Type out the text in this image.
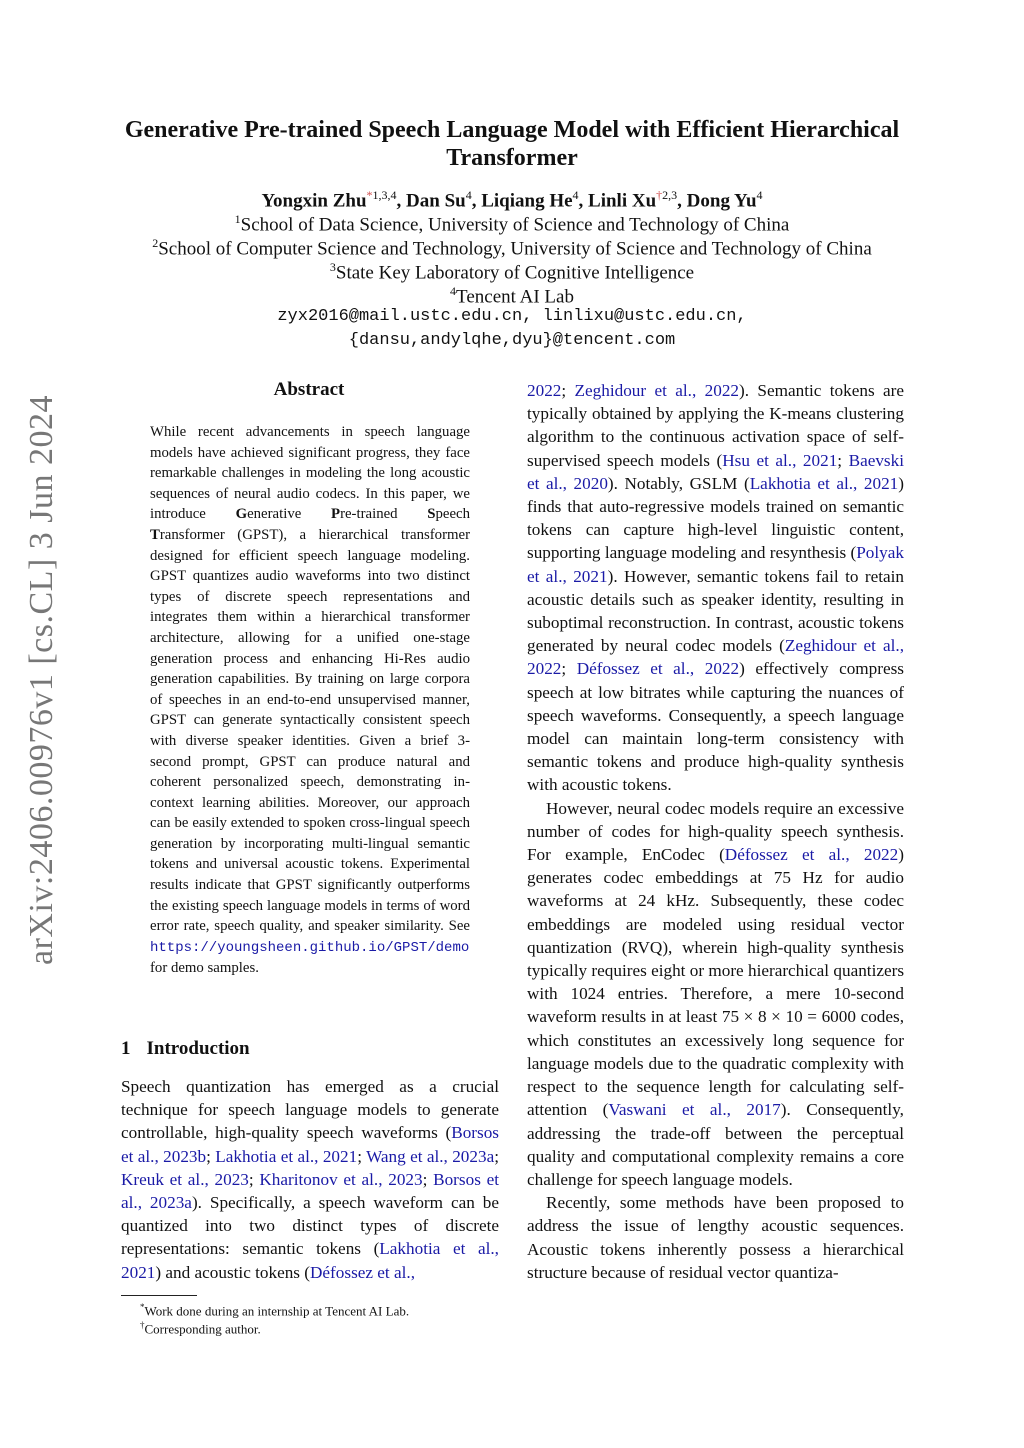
arXiv:2406.00976v1 [cs.CL] 3 Jun 2024
Generative Pre-trained Speech Language Model with Efficient Hierarchical
Transformer
Yongxin Zhu$^{*1,3,4}$, Dan Su$^4$, Liqiang He$^4$, Linli Xu$^{\dagger 2,3}$, Dong Yu$^4$
$^1$School of Data Science, University of Science and Technology of China
$^2$School of Computer Science and Technology, University of Science and Technology of China
$^3$State Key Laboratory of Cognitive Intelligence
$^4$Tencent AI Lab
zyx2016@mail.ustc.edu.cn, linlixu@ustc.edu.cn,
{dansu,andylqhe,dyu}@tencent.com
Abstract
While recent advancements in speech language models have achieved significant progress, they face remarkable challenges in modeling the long acoustic sequences of neural audio codecs. In this paper, we introduce Generative Pre-trained Speech Transformer (GPST), a hierarchical transformer designed for efficient speech language modeling. GPST quantizes audio waveforms into two distinct types of discrete speech representations and integrates them within a hierarchical transformer architecture, allowing for a unified one-stage generation process and enhancing Hi-Res audio generation capabilities. By training on large corpora of speeches in an end-to-end unsupervised manner, GPST can generate syntactically consistent speech with diverse speaker identities. Given a brief 3-second prompt, GPST can produce natural and coherent personalized speech, demonstrating in-context learning abilities. Moreover, our approach can be easily extended to spoken cross-lingual speech generation by incorporating multi-lingual semantic tokens and universal acoustic tokens. Experimental results indicate that GPST significantly outperforms the existing speech language models in terms of word error rate, speech quality, and speaker similarity. See https://youngsheen.github.io/GPST/demo for demo samples.
1 Introduction
Speech quantization has emerged as a crucial technique for speech language models to generate controllable, high-quality speech waveforms (Borsos et al., 2023b; Lakhotia et al., 2021; Wang et al., 2023a; Kreuk et al., 2023; Kharitonov et al., 2023; Borsos et al., 2023a). Specifically, a speech waveform can be quantized into two distinct types of discrete representations: semantic tokens (Lakhotia et al., 2021) and acoustic tokens (Défossez et al.,

2022; Zeghidour et al., 2022). Semantic tokens are typically obtained by applying the K-means clustering algorithm to the continuous activation space of self-supervised speech models (Hsu et al., 2021; Baevski et al., 2020). Notably, GSLM (Lakhotia et al., 2021) finds that auto-regressive models trained on semantic tokens can capture high-level linguistic content, supporting language modeling and resynthesis (Polyak et al., 2021). However, semantic tokens fail to retain acoustic details such as speaker identity, resulting in suboptimal reconstruction. In contrast, acoustic tokens generated by neural codec models (Zeghidour et al., 2022; Défossez et al., 2022) effectively compress speech at low bitrates while capturing the nuances of speech waveforms. Consequently, a speech language model can maintain long-term consistency with semantic tokens and produce high-quality synthesis with acoustic tokens.

However, neural codec models require an excessive number of codes for high-quality speech synthesis. For example, EnCodec (Défossez et al., 2022) generates codec embeddings at 75 Hz for audio waveforms at 24 kHz. Subsequently, these codec embeddings are modeled using residual vector quantization (RVQ), wherein high-quality synthesis typically requires eight or more hierarchical quantizers with 1024 entries. Therefore, a mere 10-second waveform results in at least 75 × 8 × 10 = 6000 codes, which constitutes an excessively long sequence for language models due to the quadratic complexity with respect to the sequence length for calculating self-attention (Vaswani et al., 2017). Consequently, addressing the trade-off between the perceptual quality and computational complexity remains a core challenge for speech language models.

Recently, some methods have been proposed to address the issue of lengthy acoustic sequences. Acoustic tokens inherently possess a hierarchical structure because of residual vector quantiza-

*Work done during an internship at Tencent AI Lab.
†Corresponding author.
